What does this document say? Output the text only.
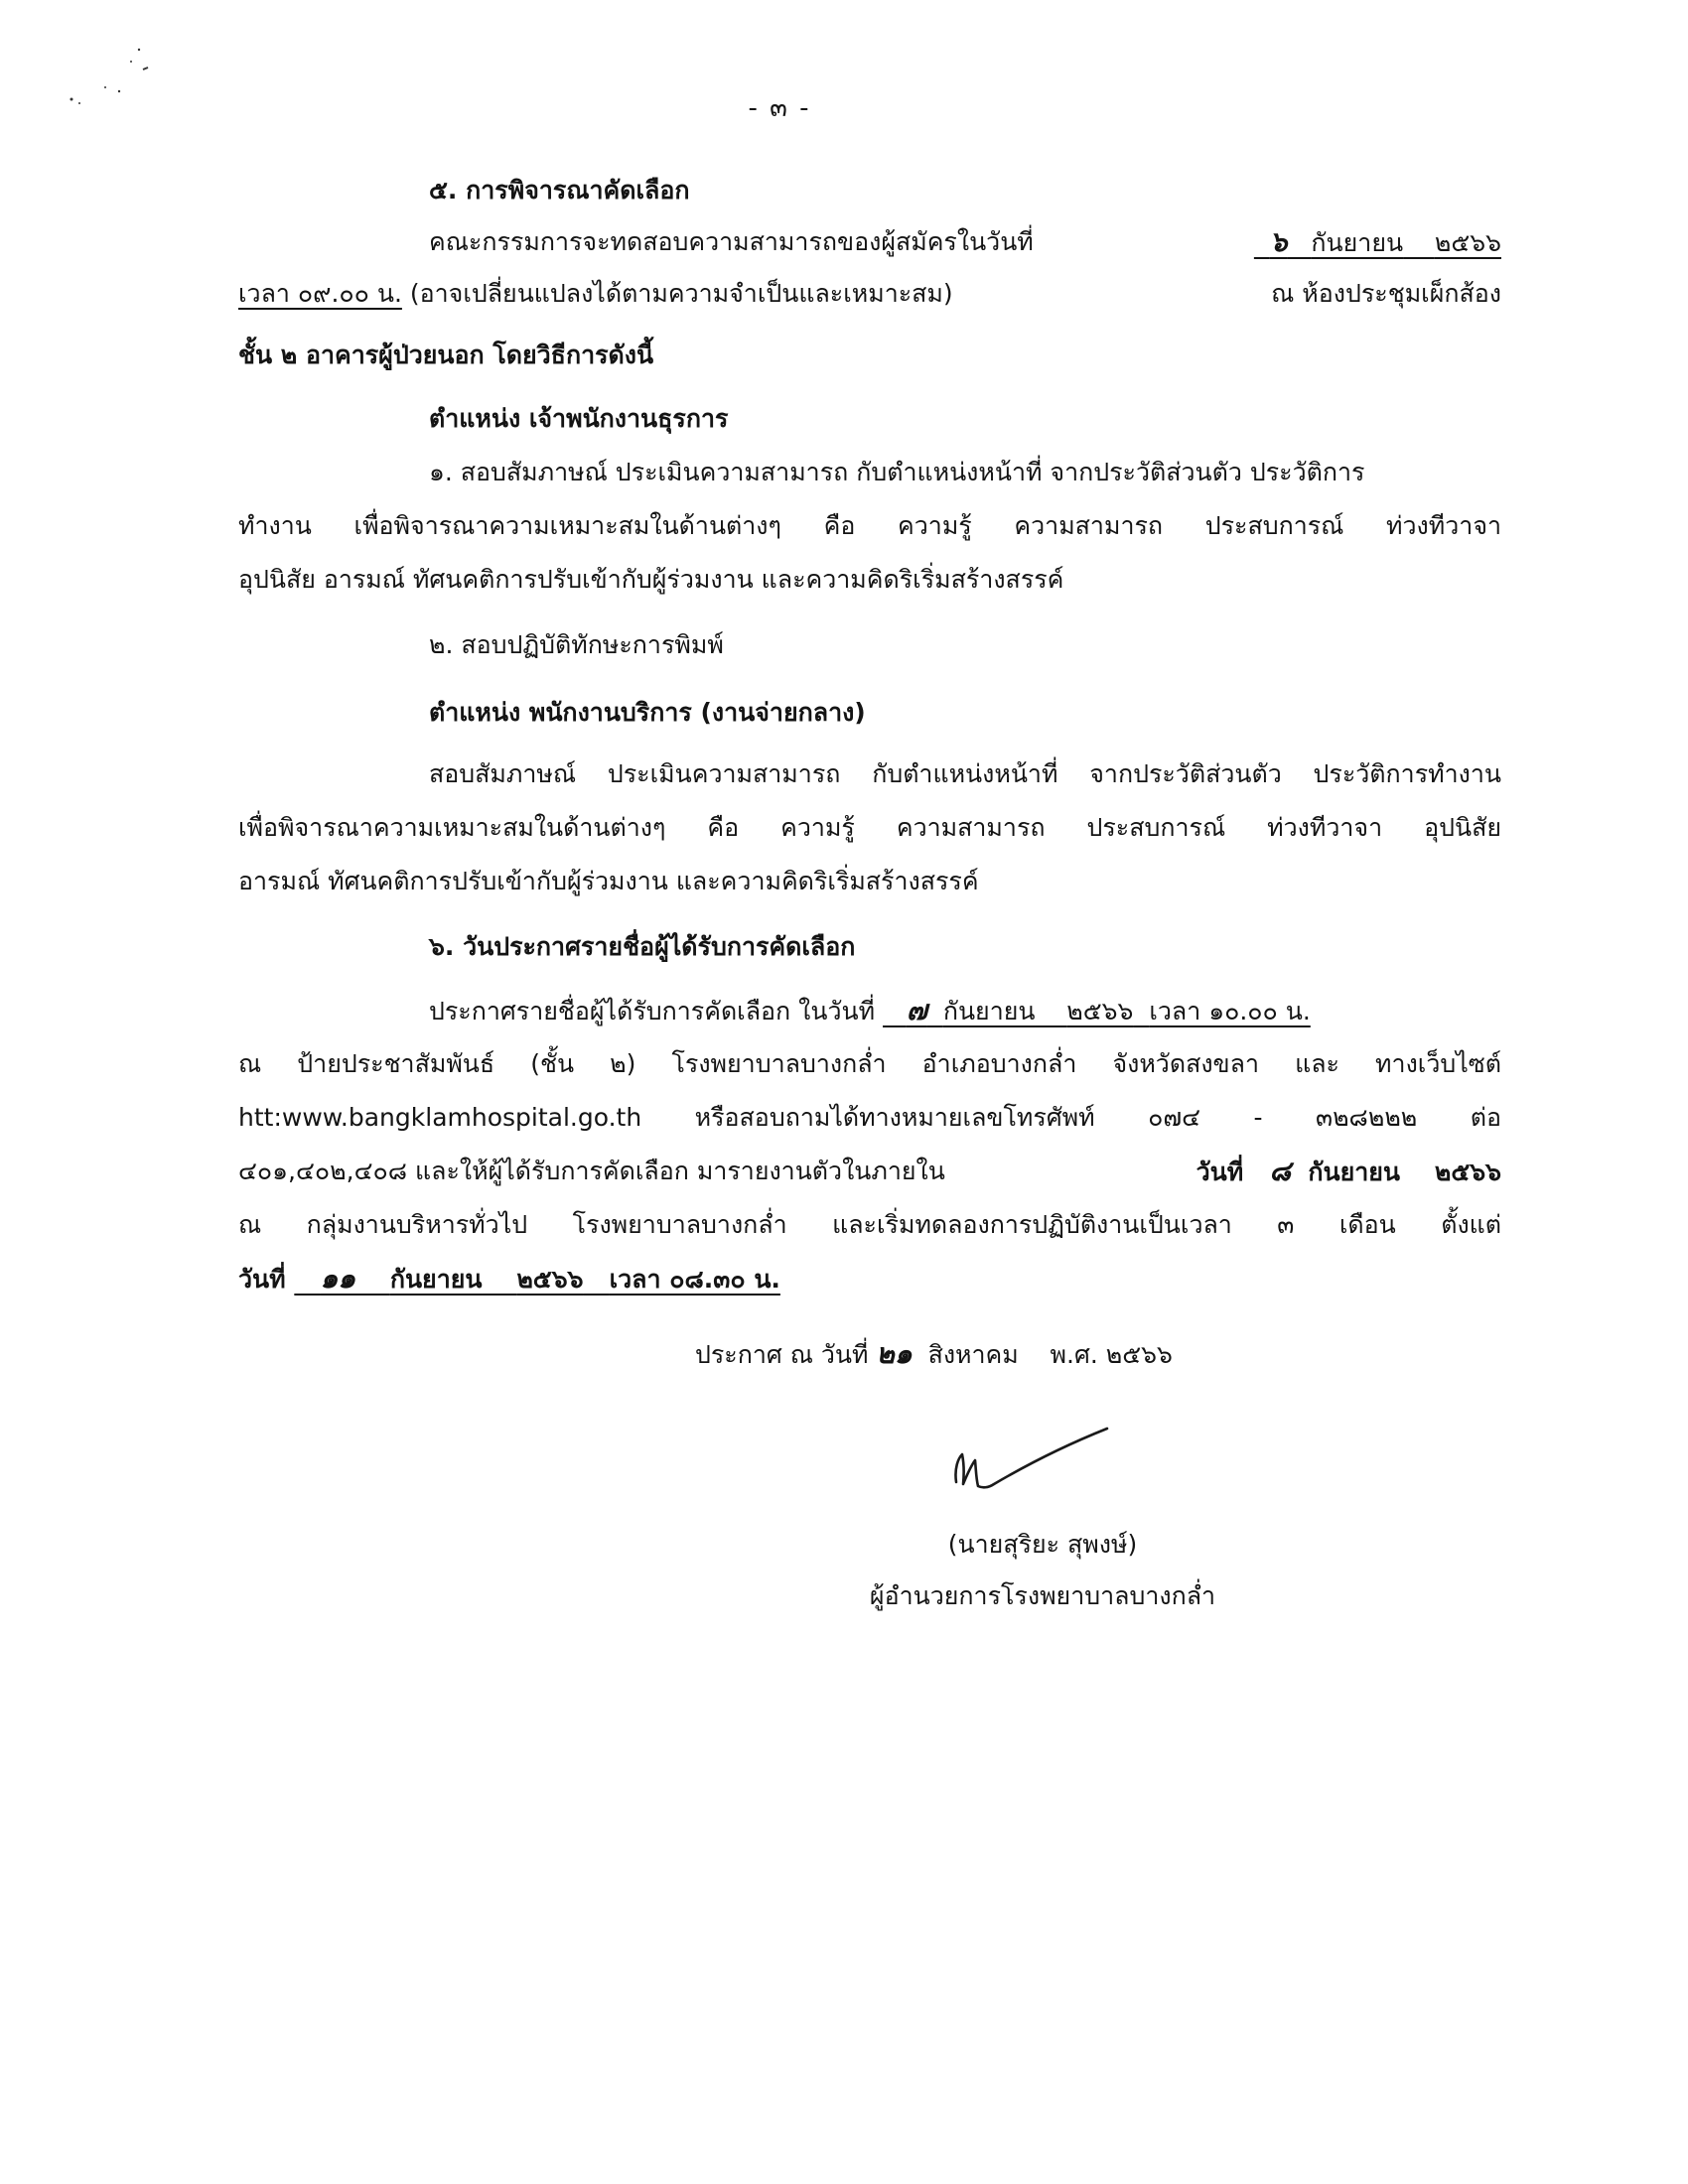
- ๓ -
๕. การพิจารณาคัดเลือก
คณะกรรมการจะทดสอบความสามารถของผู้สมัครในวันที่	๖ กันยายน ๒๕๖๖
เวลา ๐๙.๐๐ น. (อาจเปลี่ยนแปลงได้ตามความจำเป็นและเหมาะสม)	ณ ห้องประชุมเผ็กส้อง
ชั้น ๒ อาคารผู้ป่วยนอก โดยวิธีการดังนี้
ตำแหน่ง เจ้าพนักงานธุรการ
๑. สอบสัมภาษณ์ ประเมินความสามารถ กับตำแหน่งหน้าที่ จากประวัติส่วนตัว ประวัติการ
ทำงาน เพื่อพิจารณาความเหมาะสมในด้านต่างๆ คือ ความรู้ ความสามารถ ประสบการณ์ ท่วงทีวาจา
อุปนิสัย อารมณ์ ทัศนคติการปรับเข้ากับผู้ร่วมงาน และความคิดริเริ่มสร้างสรรค์
๒. สอบปฏิบัติทักษะการพิมพ์
ตำแหน่ง พนักงานบริการ (งานจ่ายกลาง)
สอบสัมภาษณ์ ประเมินความสามารถ กับตำแหน่งหน้าที่ จากประวัติส่วนตัว ประวัติการทำงาน
เพื่อพิจารณาความเหมาะสมในด้านต่างๆ คือ ความรู้ ความสามารถ ประสบการณ์ ท่วงทีวาจา อุปนิสัย
อารมณ์ ทัศนคติการปรับเข้ากับผู้ร่วมงาน และความคิดริเริ่มสร้างสรรค์
๖. วันประกาศรายชื่อผู้ได้รับการคัดเลือก
ประกาศรายชื่อผู้ได้รับการคัดเลือก ในวันที่ ๗ กันยายน ๒๕๖๖ เวลา ๑๐.๐๐ น.
ณ ป้ายประชาสัมพันธ์ (ชั้น ๒) โรงพยาบาลบางกล่ำ อำเภอบางกล่ำ จังหวัดสงขลา และ ทางเว็บไซต์
htt:www.bangklamhospital.go.th หรือสอบถามได้ทางหมายเลขโทรศัพท์ ๐๗๔ - ๓๒๘๒๒๒ ต่อ
๔๐๑,๔๐๒,๔๐๘ และให้ผู้ได้รับการคัดเลือก มารายงานตัวในภายใน	วันที่ ๘ กันยายน ๒๕๖๖
ณ กลุ่มงานบริหารทั่วไป โรงพยาบาลบางกล่ำ และเริ่มทดลองการปฏิบัติงานเป็นเวลา ๓ เดือน ตั้งแต่
วันที่ ๑๑ กันยายน ๒๕๖๖ เวลา ๐๘.๓๐ น.
ประกาศ ณ วันที่ ๒๑ สิงหาคม พ.ศ. ๒๕๖๖
(นายสุริยะ สุพงษ์)
ผู้อำนวยการโรงพยาบาลบางกล่ำ
